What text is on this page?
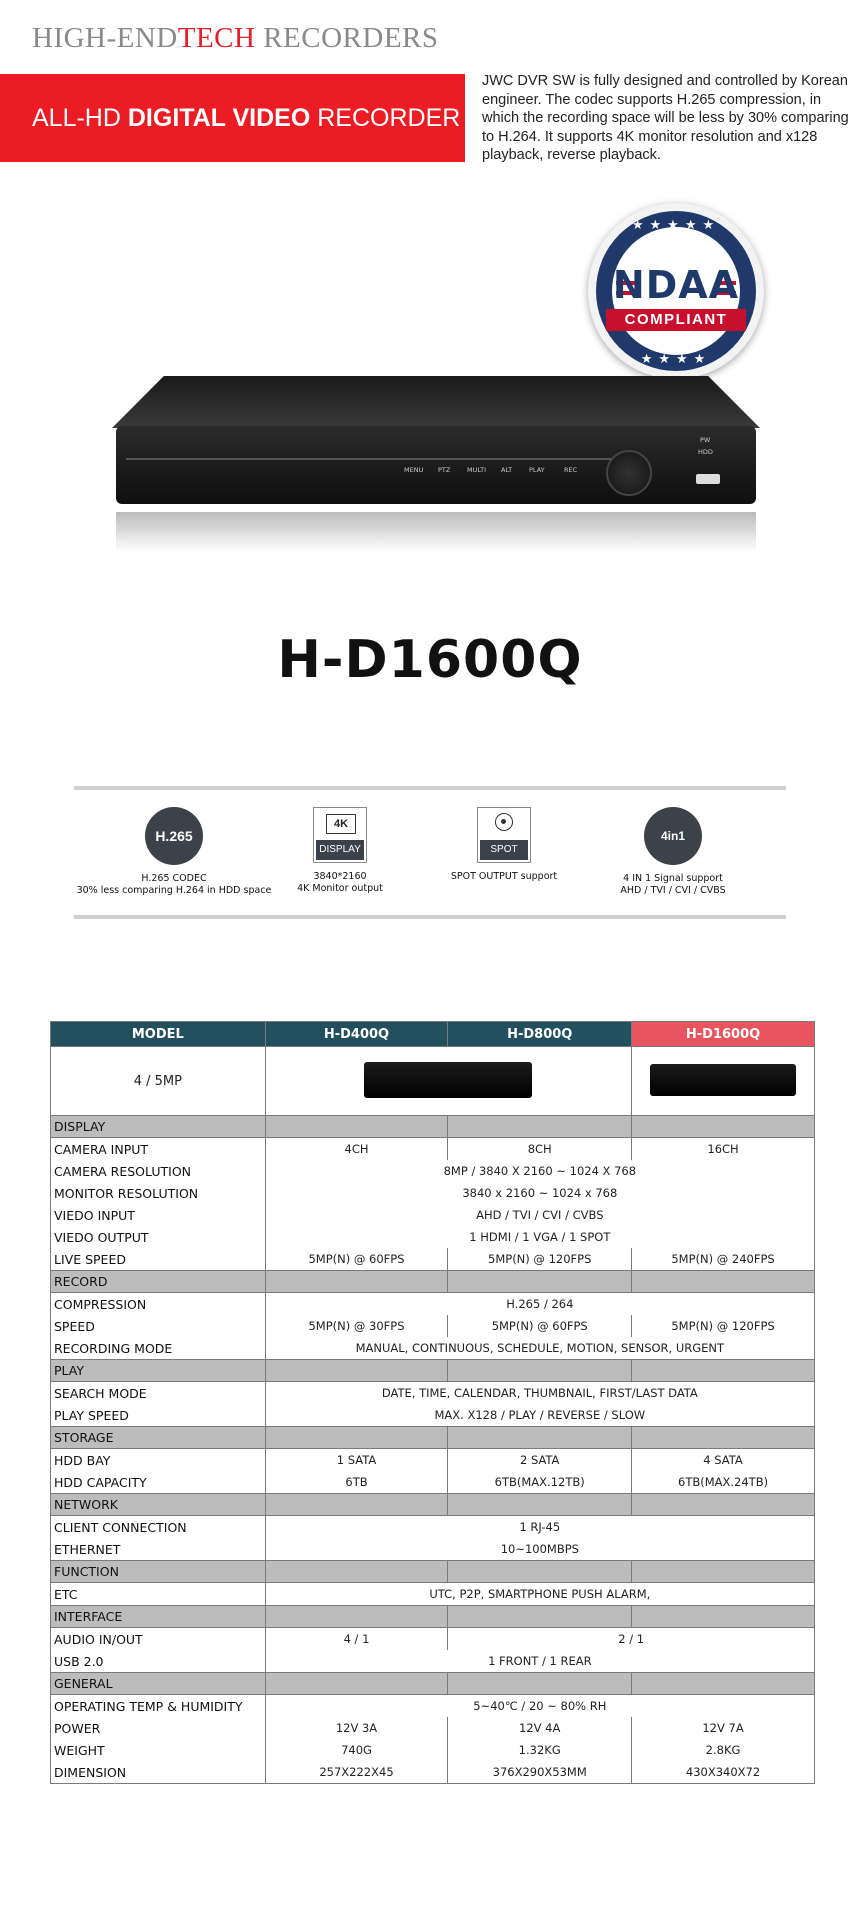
HIGH-ENDTECH RECORDERS
ALL-HD DIGITAL VIDEO RECORDER
JWC DVR SW is fully designed and controlled by Korean engineer. The codec supports H.265 compression, in which the recording space will be less by 30% comparing to H.264. It supports 4K monitor resolution and x128 playback, reverse playback.
★★★★★
★★★★
NDAA
COMPLIANT
MENU PTZ	MULTI ALT	PLAY	REC
PW
HDD
H-D1600Q
H.265
H.265 CODEC
30% less comparing H.264 in HDD space
4K
DISPLAY
3840*2160
4K Monitor output
SPOT
SPOT OUTPUT support
4in1
4 IN 1 Signal support
AHD / TVI / CVI / CVBS
MODEL	H-D400Q	H-D800Q	H-D1600Q
4 / 5MP			
DISPLAY			
CAMERA INPUT	4CH	8CH	16CH
CAMERA RESOLUTION	8MP / 3840 X 2160 ~ 1024 X 768		
MONITOR RESOLUTION	3840 x 2160 ~ 1024 x 768		
VIEDO INPUT	AHD / TVI / CVI / CVBS		
VIEDO OUTPUT	1 HDMI / 1 VGA / 1 SPOT		
LIVE SPEED	5MP(N) @ 60FPS	5MP(N) @ 120FPS	5MP(N) @ 240FPS
RECORD			
COMPRESSION	H.265 / 264		
SPEED	5MP(N) @ 30FPS	5MP(N) @ 60FPS	5MP(N) @ 120FPS
RECORDING MODE	MANUAL, CONTINUOUS, SCHEDULE, MOTION, SENSOR, URGENT		
PLAY			
SEARCH MODE	DATE, TIME, CALENDAR, THUMBNAIL, FIRST/LAST DATA		
PLAY SPEED	MAX. X128 / PLAY / REVERSE / SLOW		
STORAGE			
HDD BAY	1 SATA	2 SATA	4 SATA
HDD CAPACITY	6TB	6TB(MAX.12TB)	6TB(MAX.24TB)
NETWORK			
CLIENT CONNECTION	1 RJ-45		
ETHERNET	10~100MBPS		
FUNCTION			
ETC	UTC, P2P, SMARTPHONE PUSH ALARM,		
INTERFACE			
AUDIO IN/OUT	4 / 1	2 / 1	
USB 2.0	1 FRONT / 1 REAR		
GENERAL			
OPERATING TEMP & HUMIDITY	5~40℃ / 20 ~ 80% RH		
POWER	12V 3A	12V 4A	12V 7A
WEIGHT	740G	1.32KG	2.8KG
DIMENSION	257X222X45	376X290X53MM	430X340X72
